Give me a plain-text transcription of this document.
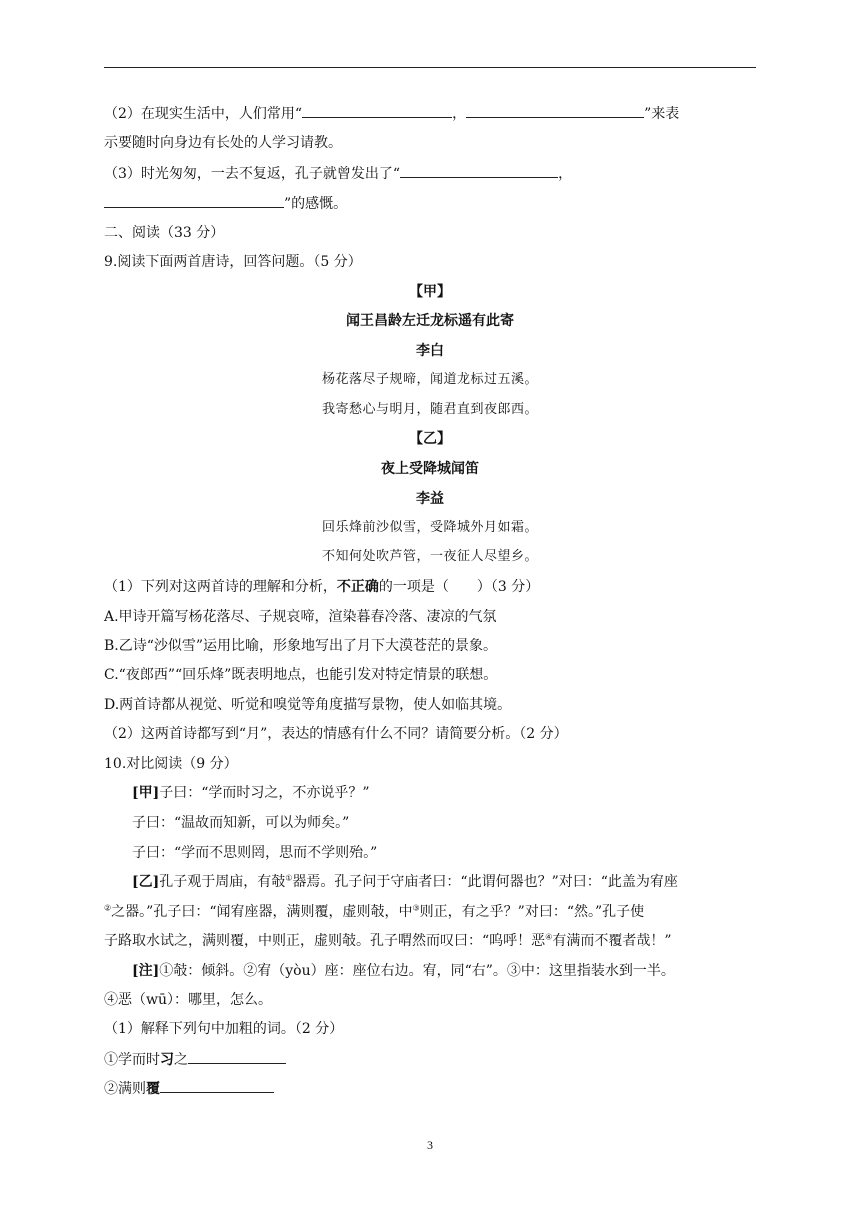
（2）在现实生活中，人们常用“	，	”来表
示要随时向身边有长处的人学习请教。
（3）时光匆匆，一去不复返，孔子就曾发出了“	，
”的感慨。
二、阅读（33 分）
9.阅读下面两首唐诗，回答问题。（5 分）
【甲】
闻王昌龄左迁龙标遥有此寄
李白
杨花落尽子规啼，闻道龙标过五溪。
我寄愁心与明月，随君直到夜郎西。
【乙】
夜上受降城闻笛
李益
回乐烽前沙似雪，受降城外月如霜。
不知何处吹芦管，一夜征人尽望乡。
（1）下列对这两首诗的理解和分析，不正确的一项是（　　）（3 分）
A.甲诗开篇写杨花落尽、子规哀啼，渲染暮春冷落、凄凉的气氛
B.乙诗“沙似雪”运用比喻，形象地写出了月下大漠苍茫的景象。
C.“夜郎西”“回乐烽”既表明地点，也能引发对特定情景的联想。
D.两首诗都从视觉、听觉和嗅觉等角度描写景物，使人如临其境。
（2）这两首诗都写到“月”，表达的情感有什么不同？请简要分析。（2 分）
10.对比阅读（9 分）
[甲]子曰：“学而时习之，不亦说乎？”
子曰：“温故而知新，可以为师矣。”
子曰：“学而不思则罔，思而不学则殆。”
[乙]孔子观于周庙，有攲①器焉。孔子问于守庙者曰：“此谓何器也？”对曰：“此盖为宥座
②之器。”孔子曰：“闻宥座器，满则覆，虚则攲，中③则正，有之乎？”对曰：“然。”孔子使
子路取水试之，满则覆，中则正，虚则攲。孔子喟然而叹曰：“呜呼！恶④有满而不覆者哉！”
[注]①攲：倾斜。②宥（yòu）座：座位右边。宥，同“右”。③中：这里指装水到一半。
④恶（wū）：哪里，怎么。
（1）解释下列句中加粗的词。（2 分）
①学而时习之
②满则覆
3
